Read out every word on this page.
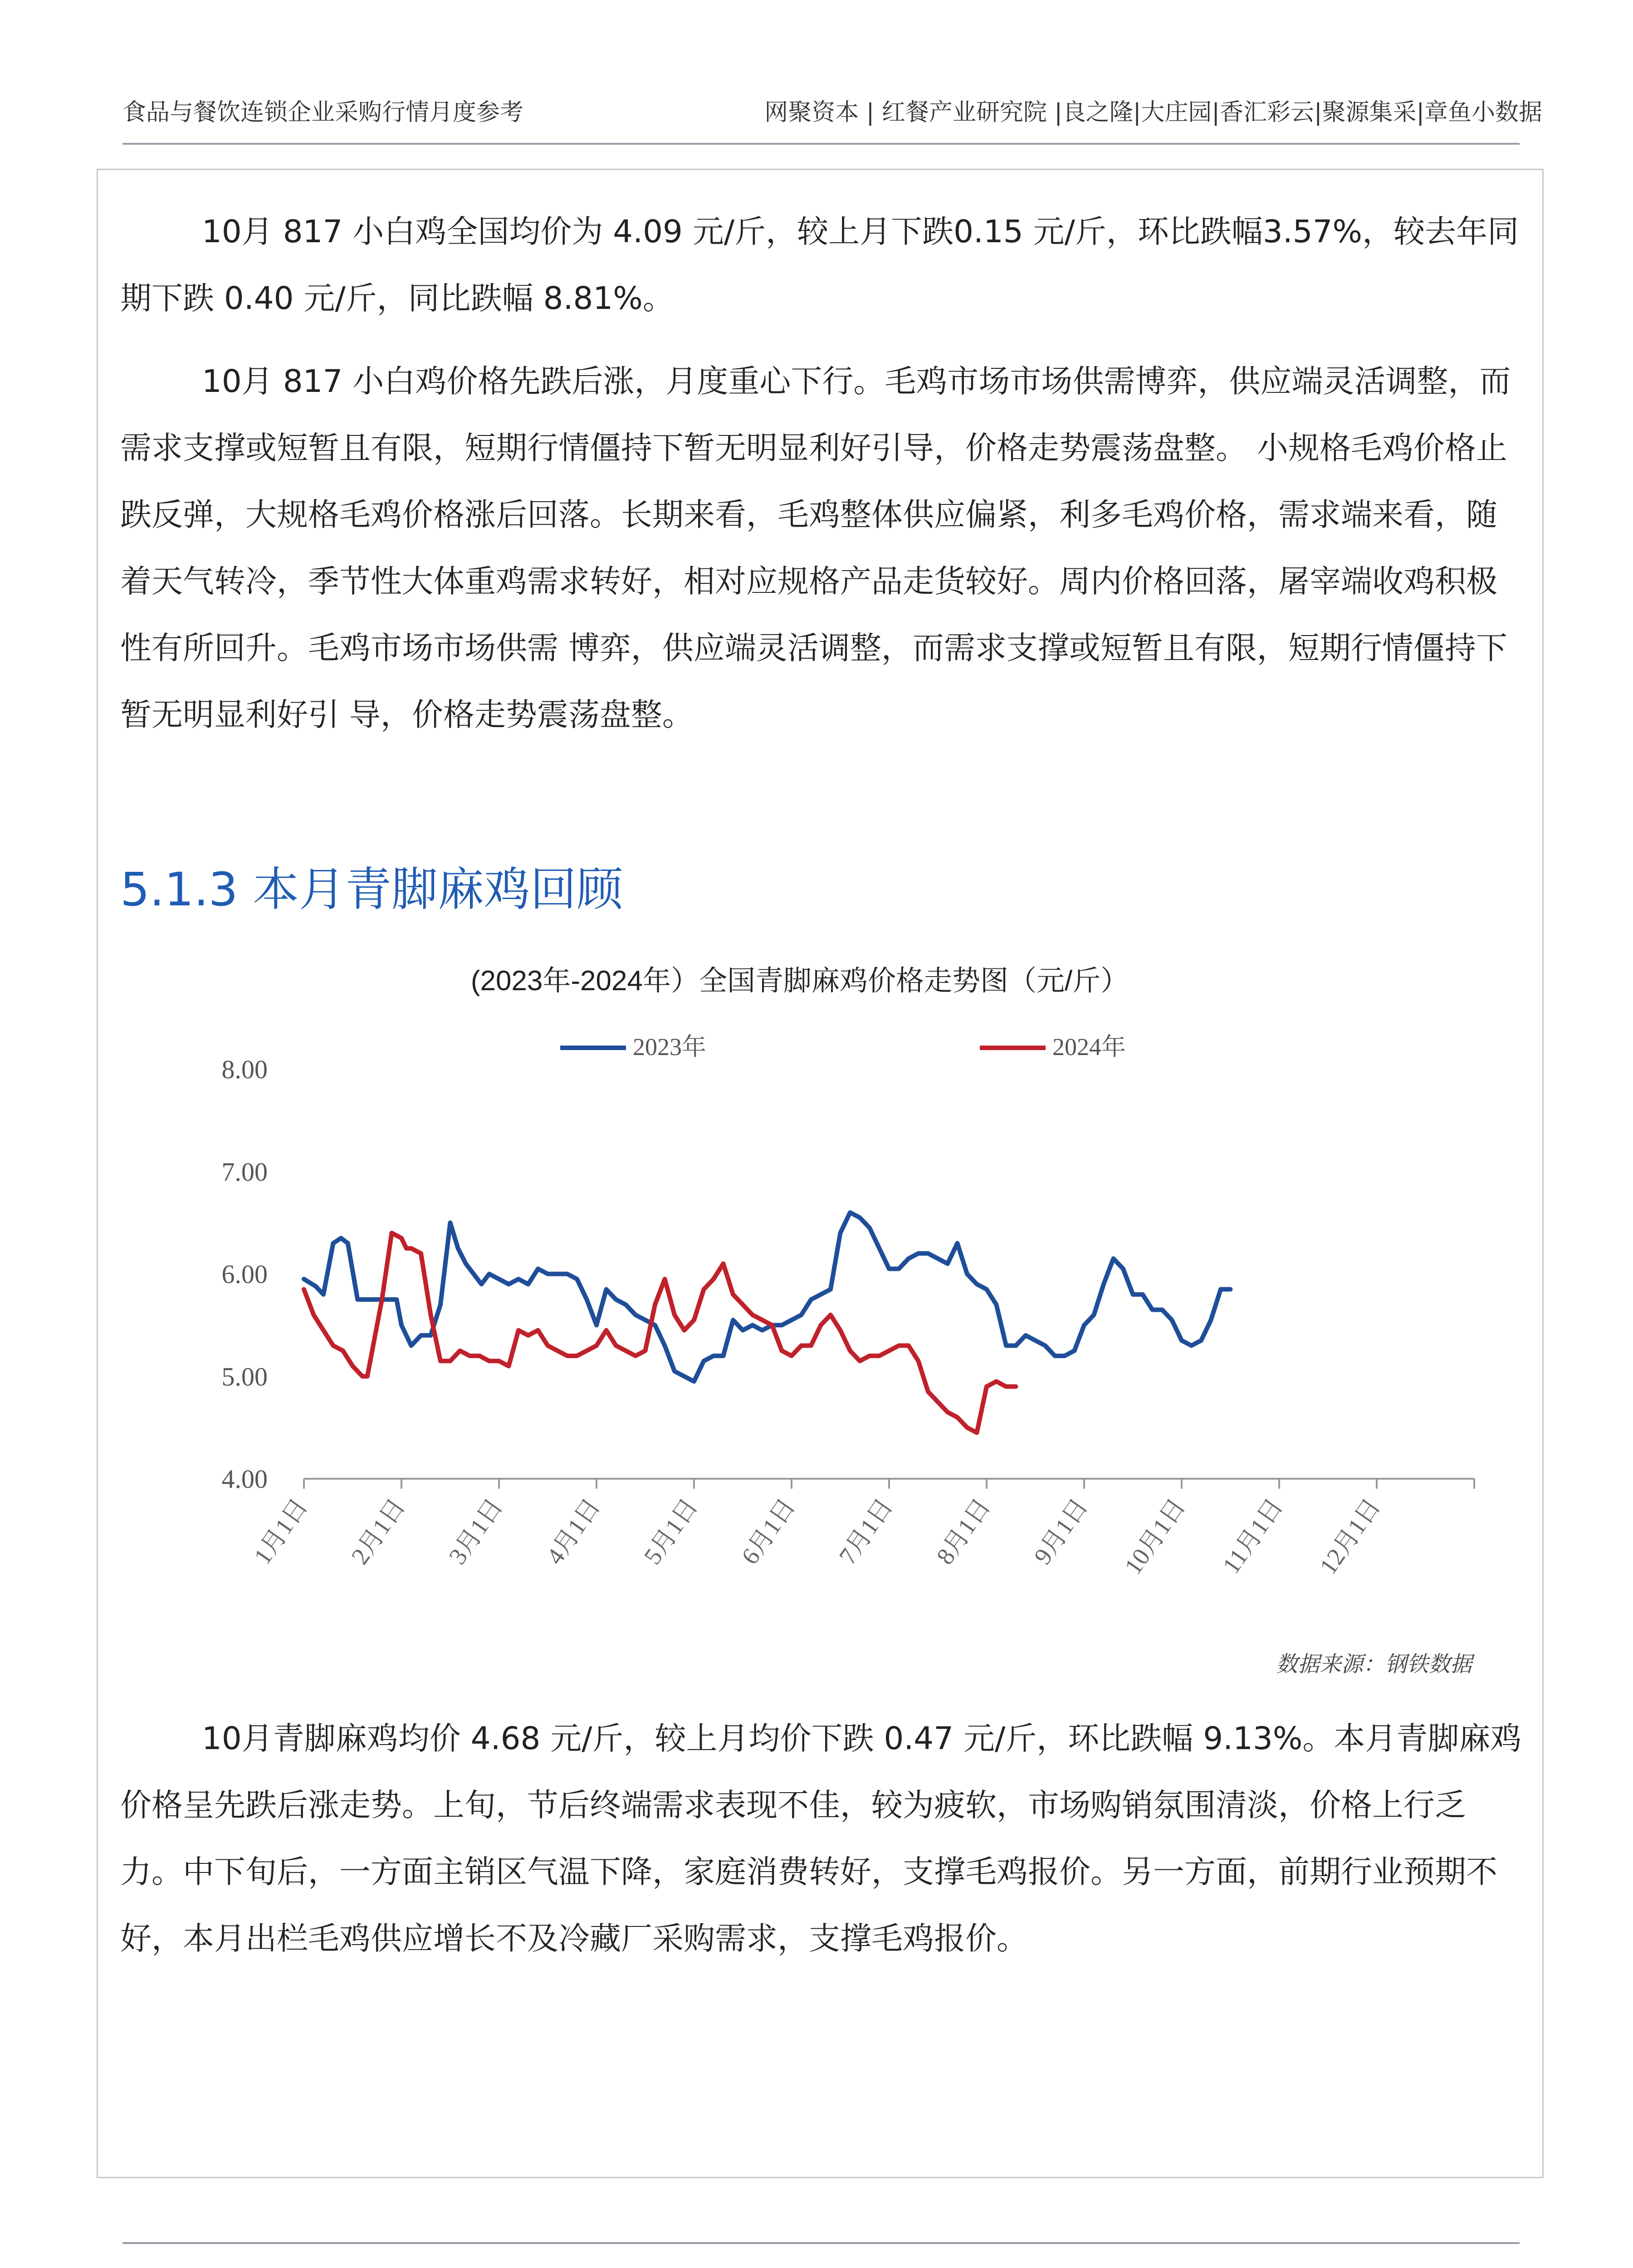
食品与餐饮连锁企业采购行情月度参考	网聚资本 | 红餐产业研究院 |良之隆|大庄园|香汇彩云|聚源集采|章鱼小数据

10月 817 小白鸡全国均价为 4.09 元/斤，较上月下跌0.15 元/斤，环比跌幅3.57%，较去年同期下跌 0.40 元/斤，同比跌幅 8.81%。

10月 817 小白鸡价格先跌后涨，月度重心下行。毛鸡市场市场供需博弈，供应端灵活调整，而需求支撑或短暂且有限，短期行情僵持下暂无明显利好引导，价格走势震荡盘整。 小规格毛鸡价格止跌反弹，大规格毛鸡价格涨后回落。长期来看，毛鸡整体供应偏紧，利多毛鸡价格，需求端来看，随着天气转冷，季节性大体重鸡需求转好，相对应规格产品走货较好。周内价格回落，屠宰端收鸡积极性有所回升。毛鸡市场市场供需 博弈，供应端灵活调整，而需求支撑或短暂且有限，短期行情僵持下暂无明显利好引 导，价格走势震荡盘整。

5.1.3 本月青脚麻鸡回顾
(2023年-2024年）全国青脚麻鸡价格走势图（元/斤）
2023年	2024年
4.00
5.00
6.00
7.00
8.00
1月1日 2月1日 3月1日 4月1日 5月1日 6月1日 7月1日 8月1日 9月1日 10月1日 11月1日 12月1日
数据来源：钢铁数据

10月青脚麻鸡均价 4.68 元/斤，较上月均价下跌 0.47 元/斤，环比跌幅 9.13%。本月青脚麻鸡价格呈先跌后涨走势。上旬，节后终端需求表现不佳，较为疲软，市场购销氛围清淡，价格上行乏力。中下旬后，一方面主销区气温下降，家庭消费转好，支撑毛鸡报价。另一方面，前期行业预期不好，本月出栏毛鸡供应增长不及冷藏厂采购需求，支撑毛鸡报价。
